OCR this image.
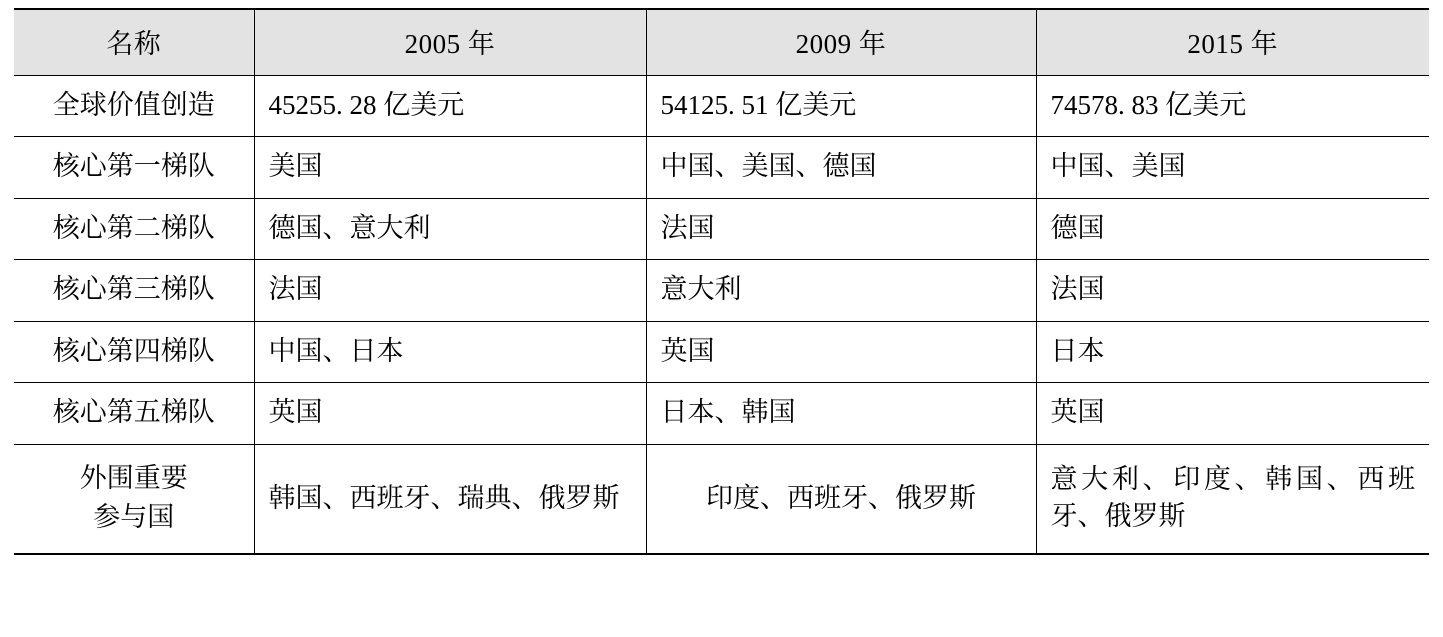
名称	2005 年	2009 年	2015 年
全球价值创造	45255. 28 亿美元	54125. 51 亿美元	74578. 83 亿美元
核心第一梯队	美国	中国、美国、德国	中国、美国
核心第二梯队	德国、意大利	法国	德国
核心第三梯队	法国	意大利	法国
核心第四梯队	中国、日本	英国	日本
核心第五梯队	英国	日本、韩国	英国

外围重要
参与国	韩国、西班牙、瑞典、俄罗斯	印度、西班牙、俄罗斯	意大利、印度、韩国、西班牙、俄罗斯
